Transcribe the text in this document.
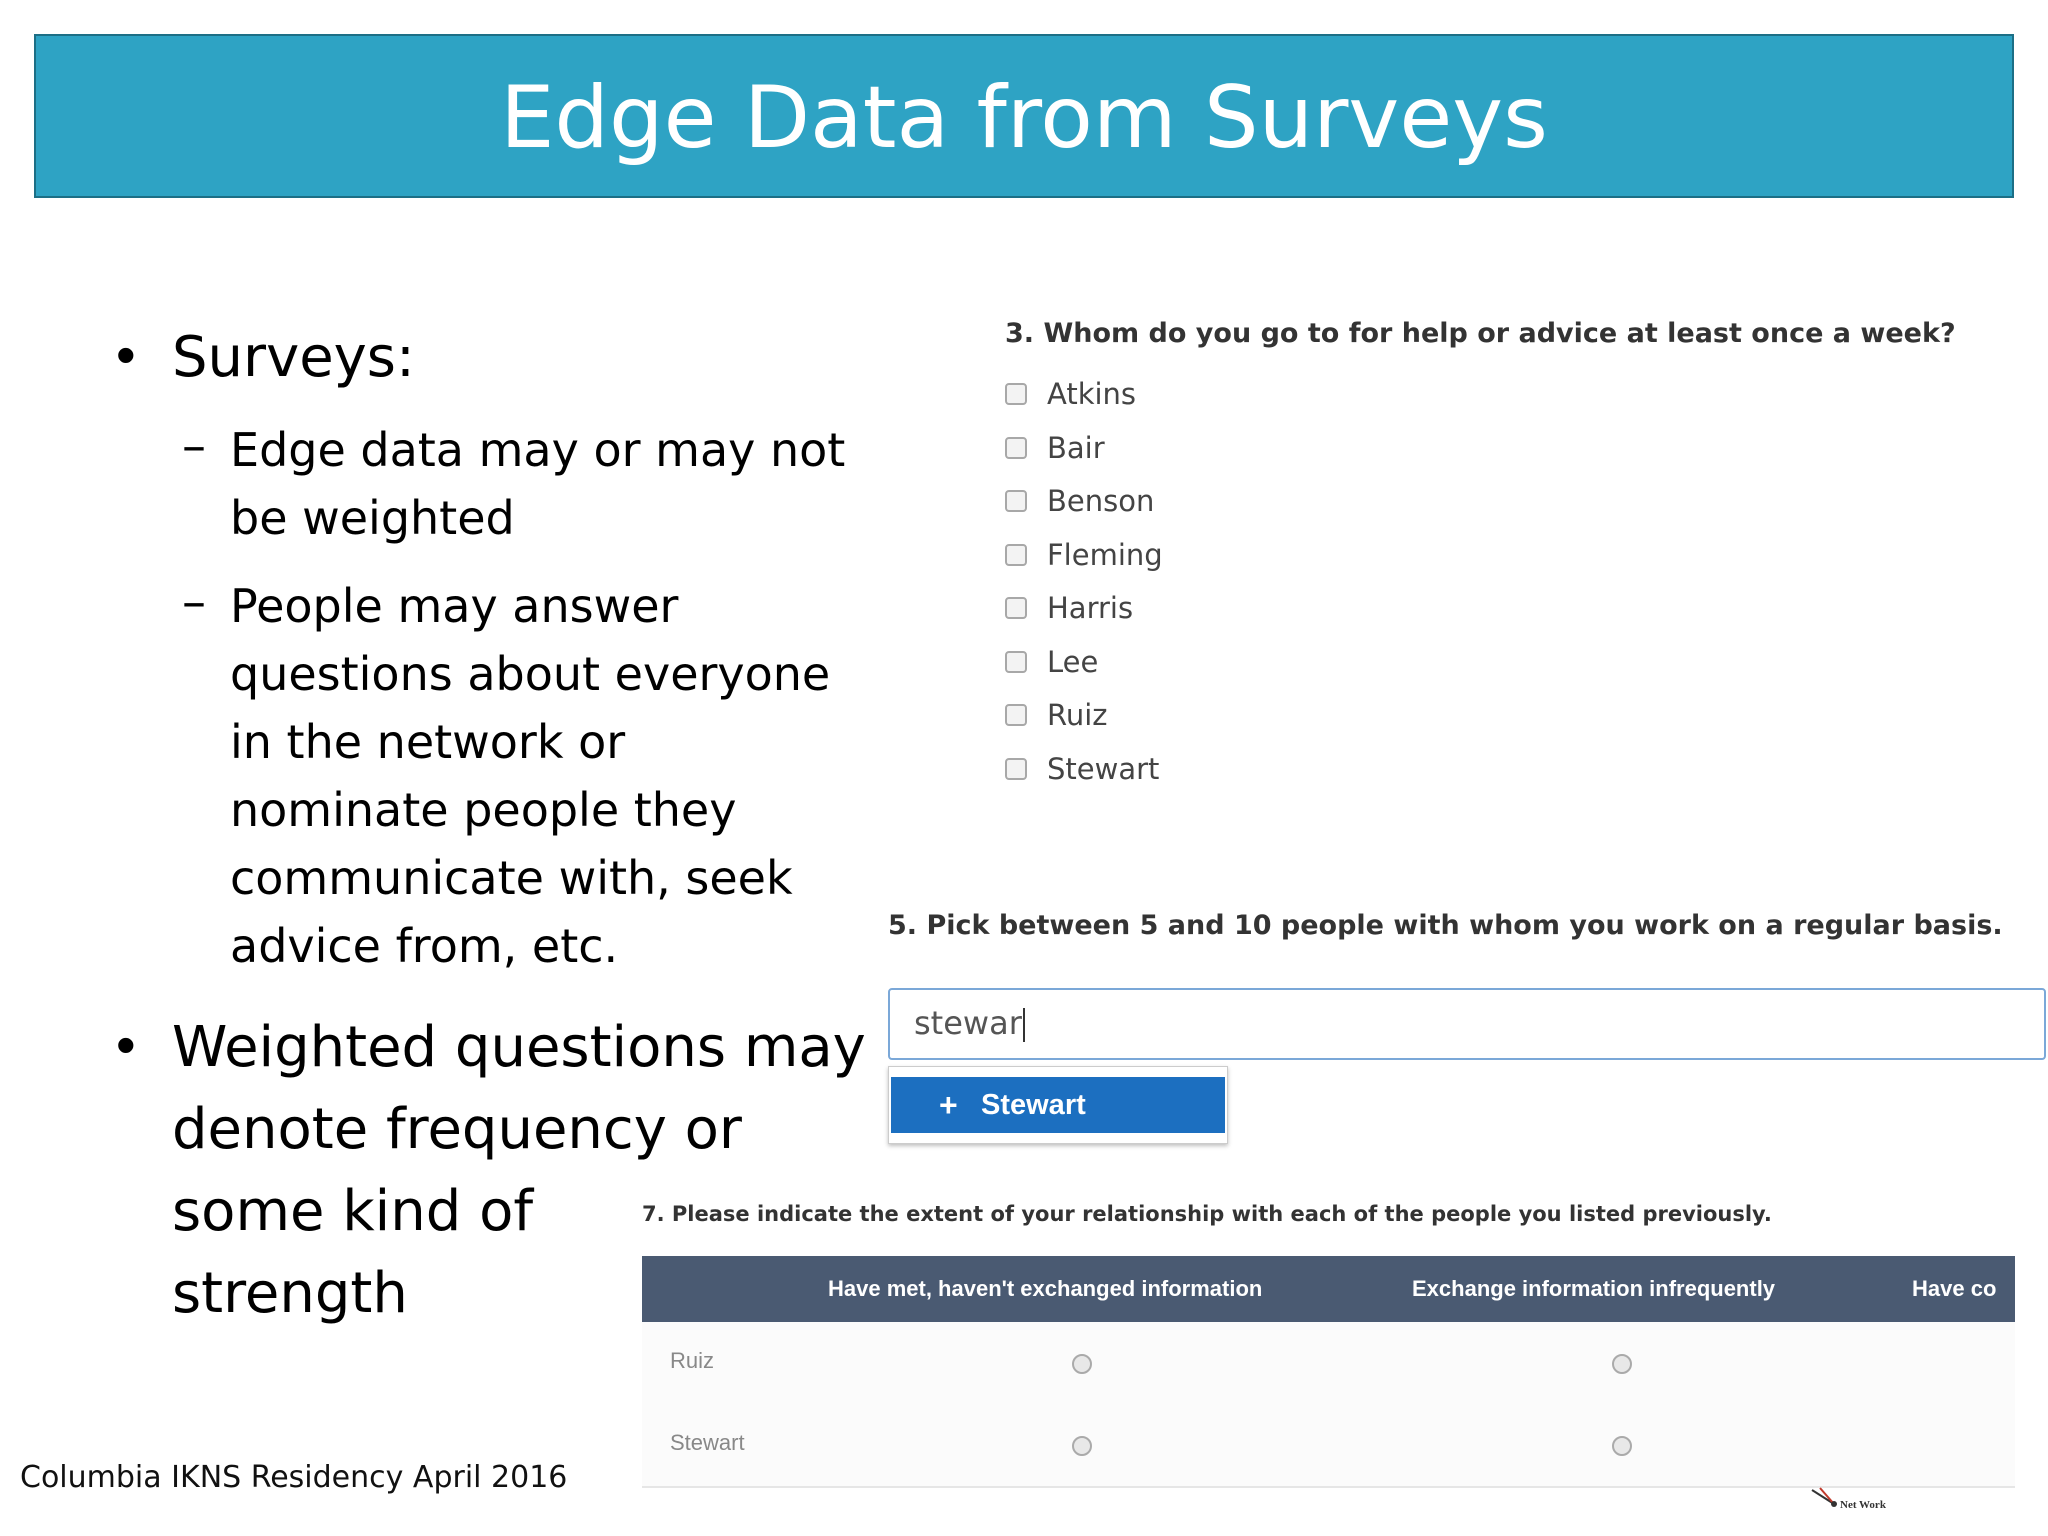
Edge Data from Surveys
• Surveys:
– Edge data may or may not
be weighted
– People may answer
questions about everyone
in the network or
nominate people they
communicate with, seek
advice from, etc.
• Weighted questions may
denote frequency or
some kind of
strength
3. Whom do you go to for help or advice at least once a week?
Atkins
Bair
Benson
Fleming
Harris
Lee
Ruiz
Stewart
5. Pick between 5 and 10 people with whom you work on a regular basis.
stewar
+ Stewart
7. Please indicate the extent of your relationship with each of the people you listed previously.
Have met, haven't exchanged information	Exchange information infrequently	Have co
Ruiz
Stewart
Columbia IKNS Residency April 2016
Net Work
